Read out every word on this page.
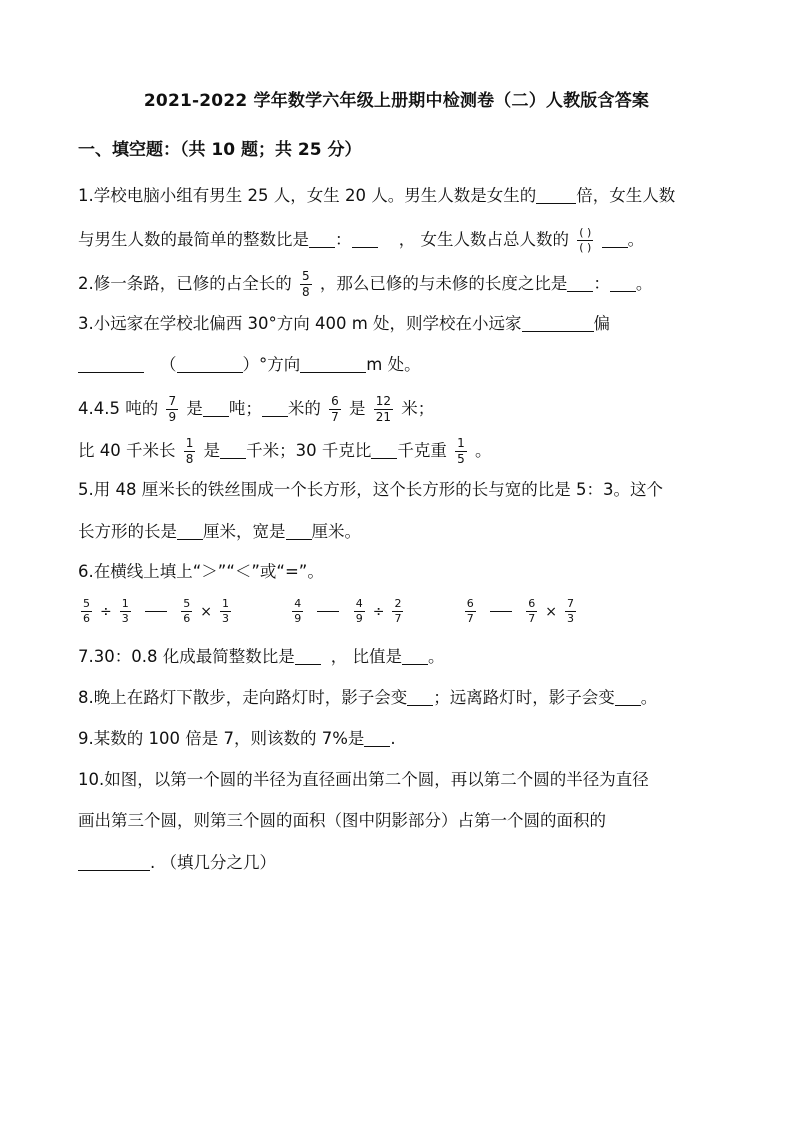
2021-2022 学年数学六年级上册期中检测卷（二）人教版含答案
一、填空题：（共 10 题；共 25 分）
1.学校电脑小组有男生 25 人，女生 20 人。男生人数是女生的 倍，女生人数
与男生人数的最简单的整数比是 ：	， 女生人数占总人数的 $\frac{( )}{( )}$ 。
2.修一条路，已修的占全长的 $\frac{5}{8}$ ，那么已修的与未修的长度之比是 ： 。
3.小远家在学校北偏西 30°方向 400 m 处，则学校在小远家	偏
（	）°方向	m 处。
4.4.5 吨的 $\frac{7}{9}$ 是 吨； 米的 $\frac{6}{7}$ 是 $\frac{12}{21}$ 米；
比 40 千米长 $\frac{1}{8}$ 是 千米；30 千克比 千克重 $\frac{1}{5}$ 。
5.用 48 厘米长的铁丝围成一个长方形，这个长方形的长与宽的比是 5：3。这个
长方形的长是 厘米，宽是 厘米。
6.在横线上填上“＞”“＜”或“=”。
$\frac{5}{6} \div \frac{1}{3}$
	$\frac{5}{6} \times \frac{1}{3}$
	$\frac{4}{9}$
	$\frac{4}{9} \div \frac{2}{7}$
	$\frac{6}{7}$
	$\frac{6}{7} \times \frac{7}{3}$
7.30：0.8 化成最简整数比是 ， 比值是 。
8.晚上在路灯下散步，走向路灯时，影子会变 ；远离路灯时，影子会变 。
9.某数的 100 倍是 7，则该数的 7%是 .
10.如图，以第一个圆的半径为直径画出第二个圆，再以第二个圆的半径为直径
画出第三个圆，则第三个圆的面积（图中阴影部分）占第一个圆的面积的
. （填几分之几）
